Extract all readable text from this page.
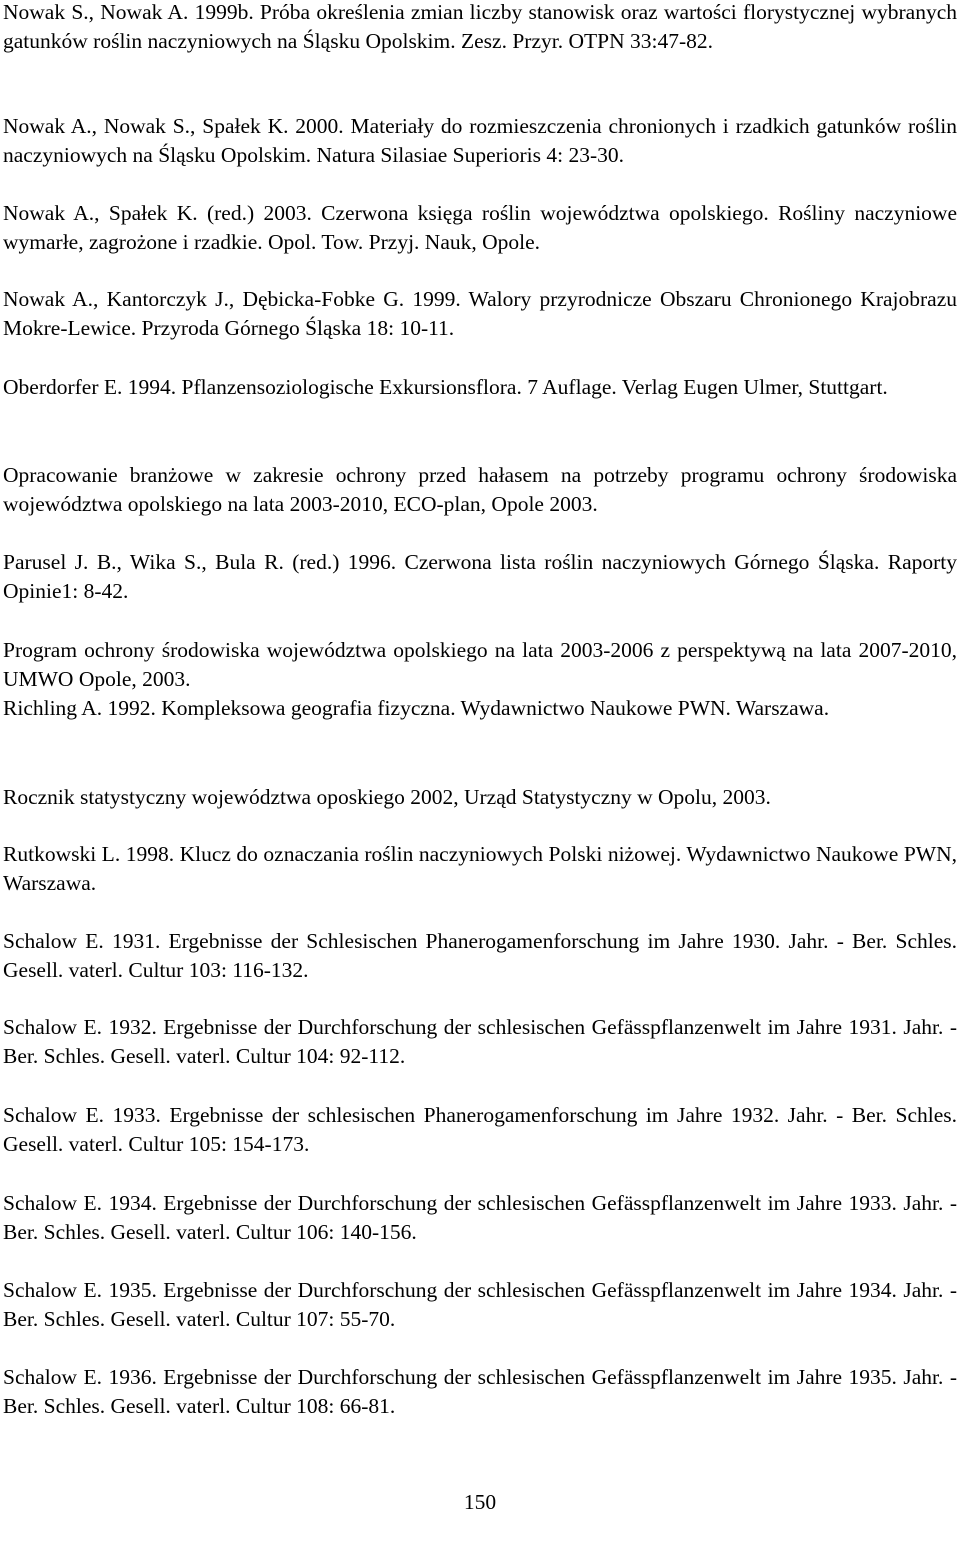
Nowak S., Nowak A. 1999b. Próba określenia zmian liczby stanowisk oraz wartości florystycznej wybranych gatunków roślin naczyniowych na Śląsku Opolskim. Zesz. Przyr. OTPN 33:47-82.

Nowak A., Nowak S., Spałek K. 2000. Materiały do rozmieszczenia chronionych i rzadkich gatunków roślin naczyniowych na Śląsku Opolskim. Natura Silasiae Superioris 4: 23-30.

Nowak A., Spałek K. (red.) 2003. Czerwona księga roślin województwa opolskiego. Rośliny naczyniowe wymarłe, zagrożone i rzadkie. Opol. Tow. Przyj. Nauk, Opole.

Nowak A., Kantorczyk J., Dębicka-Fobke G. 1999. Walory przyrodnicze Obszaru Chronionego Krajobrazu Mokre-Lewice. Przyroda Górnego Śląska 18: 10-11.

Oberdorfer E. 1994. Pflanzensoziologische Exkursionsflora. 7 Auflage. Verlag Eugen Ulmer, Stuttgart.

Opracowanie branżowe w zakresie ochrony przed hałasem na potrzeby programu ochrony środowiska województwa opolskiego na lata 2003-2010, ECO-plan, Opole 2003.

Parusel J. B., Wika S., Bula R. (red.) 1996. Czerwona lista roślin naczyniowych Górnego Śląska. Raporty Opinie1: 8-42.

Program ochrony środowiska województwa opolskiego na lata 2003-2006 z perspektywą na lata 2007-2010, UMWO Opole, 2003.

Richling A. 1992. Kompleksowa geografia fizyczna. Wydawnictwo Naukowe PWN. Warszawa.

Rocznik statystyczny województwa oposkiego 2002, Urząd Statystyczny w Opolu, 2003.

Rutkowski L. 1998. Klucz do oznaczania roślin naczyniowych Polski niżowej. Wydawnictwo Naukowe PWN, Warszawa.

Schalow E. 1931. Ergebnisse der Schlesischen Phanerogamenforschung im Jahre 1930. Jahr. - Ber. Schles. Gesell. vaterl. Cultur 103: 116-132.

Schalow E. 1932. Ergebnisse der Durchforschung der schlesischen Gefässpflanzenwelt im Jahre 1931. Jahr. - Ber. Schles. Gesell. vaterl. Cultur 104: 92-112.

Schalow E. 1933. Ergebnisse der schlesischen Phanerogamenforschung im Jahre 1932. Jahr. - Ber. Schles. Gesell. vaterl. Cultur 105: 154-173.

Schalow E. 1934. Ergebnisse der Durchforschung der schlesischen Gefässpflanzenwelt im Jahre 1933. Jahr. - Ber. Schles. Gesell. vaterl. Cultur 106: 140-156.

Schalow E. 1935. Ergebnisse der Durchforschung der schlesischen Gefässpflanzenwelt im Jahre 1934. Jahr. - Ber. Schles. Gesell. vaterl. Cultur 107: 55-70.

Schalow E. 1936. Ergebnisse der Durchforschung der schlesischen Gefässpflanzenwelt im Jahre 1935. Jahr. - Ber. Schles. Gesell. vaterl. Cultur 108: 66-81.

150
